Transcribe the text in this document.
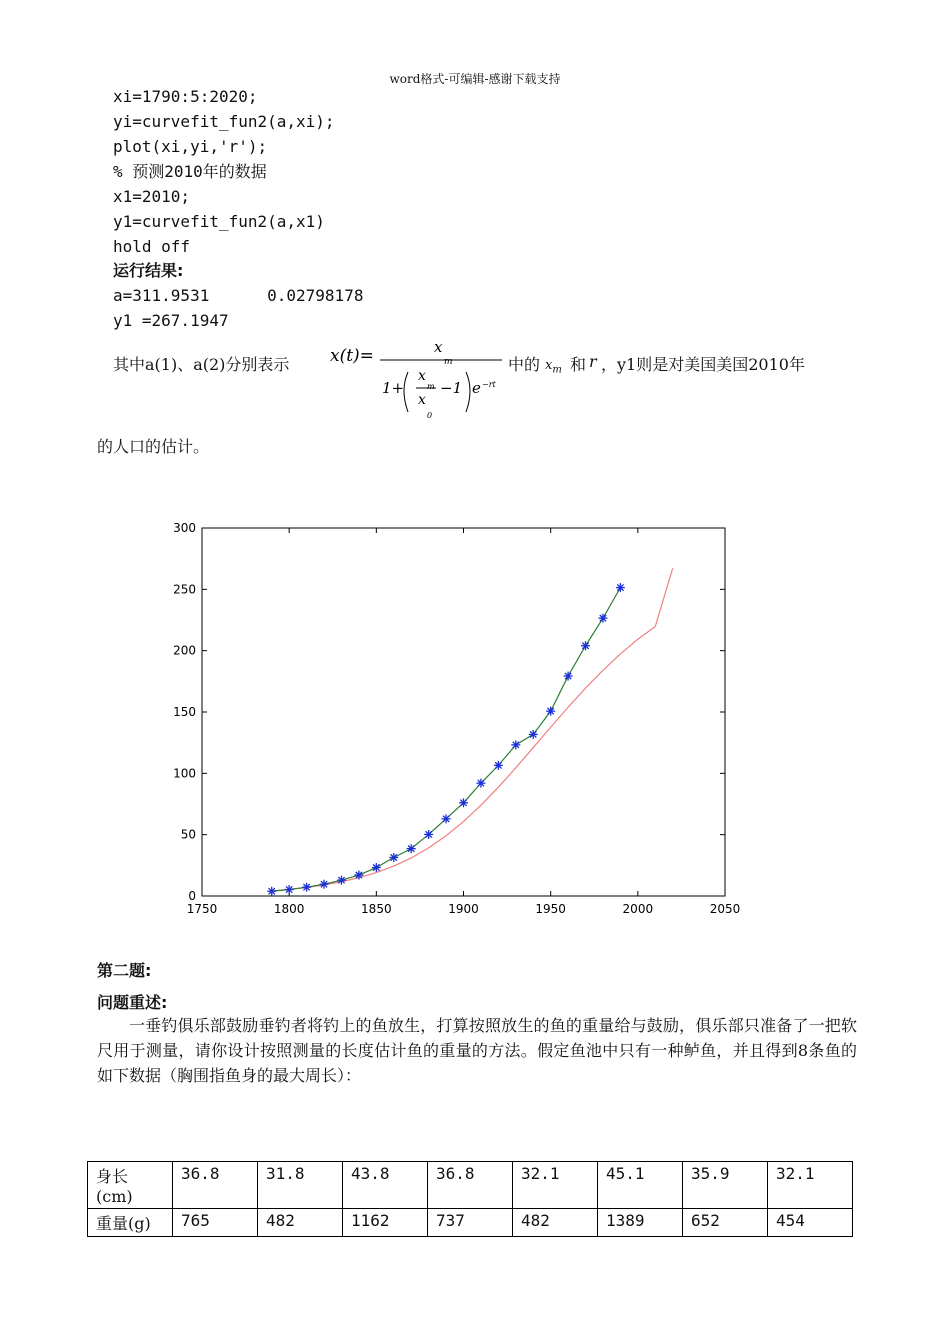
word格式-可编辑-感谢下载支持
xi=1790:5:2020;
yi=curvefit_fun2(a,xi);
plot(xi,yi,'r');
% 预测2010年的数据
x1=2010;
y1=curvefit_fun2(a,x1)
hold off
运行结果:
a=311.9531      0.02798178
y1 =267.1947
其中a(1)、a(2)分别表示 x(t)=	x
m
1+
x
m
x
0
−1 e −rt
中的 $x_m$ 和 r ，y1则是对美国美国2010年
的人口的估计。
1750	1800	1850	1900	1950	2000	2050
0
50
100
150
200
250
300
第二题:
问题重述:
一垂钓俱乐部鼓励垂钓者将钓上的鱼放生，打算按照放生的鱼的重量给与鼓励，俱乐部只准备了一把软尺用于测量，请你设计按照测量的长度估计鱼的重量的方法。假定鱼池中只有一种鲈鱼，并且得到8条鱼的如下数据（胸围指鱼身的最大周长）：
身长(cm)	36.8	31.8	43.8	36.8	32.1	45.1	35.9	32.1
重量(g)	765	482	1162	737	482	1389	652	454
